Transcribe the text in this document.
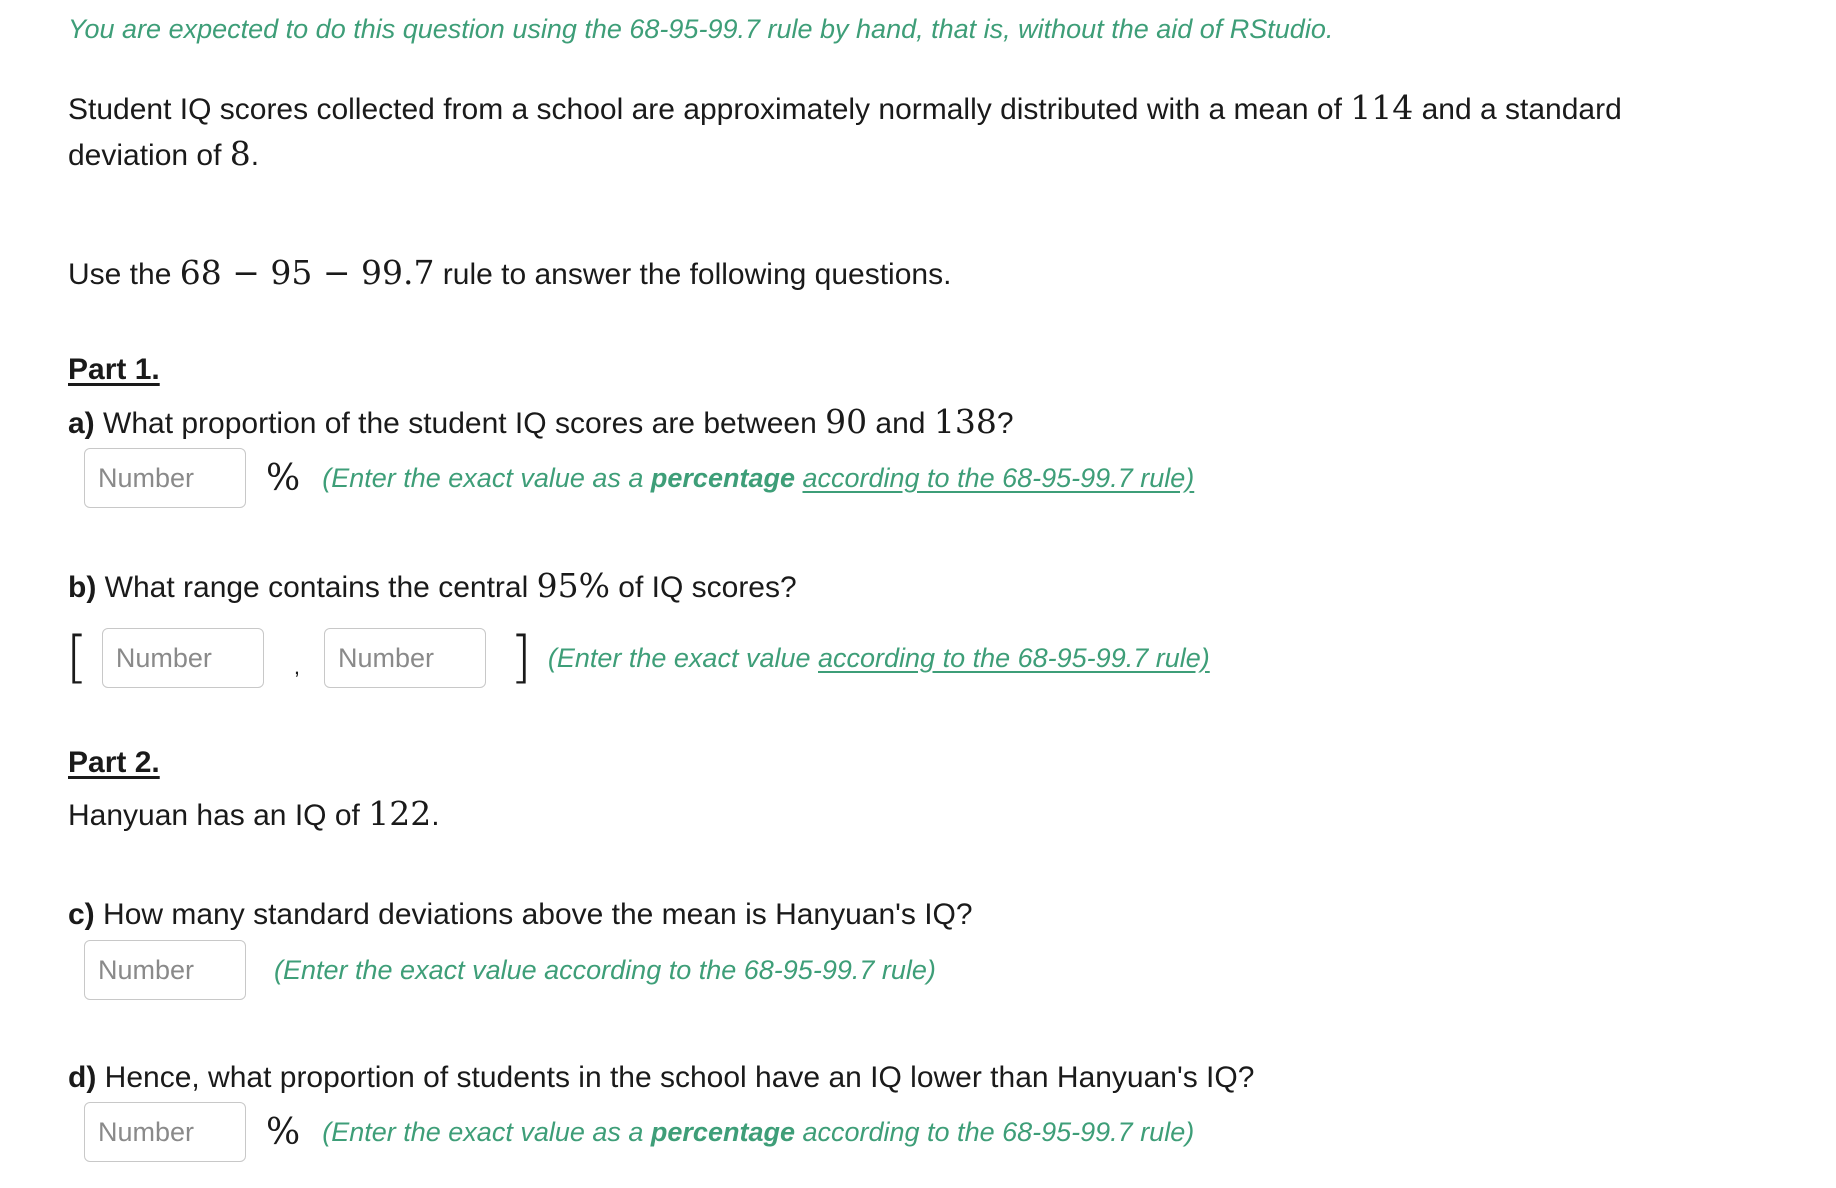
You are expected to do this question using the 68-95-99.7 rule by hand, that is, without the aid of RStudio.
Student IQ scores collected from a school are approximately normally distributed with a mean of 114 and a standard
deviation of 8.
Use the 68 − 95 − 99.7 rule to answer the following questions.
Part 1.
a) What proportion of the student IQ scores are between 90 and 138?
Number
% (Enter the exact value as a percentage according to the 68-95-99.7 rule)
b) What range contains the central 95% of IQ scores?
[
Number	,
Number	] (Enter the exact value according to the 68-95-99.7 rule)
Part 2.
Hanyuan has an IQ of 122.
c) How many standard deviations above the mean is Hanyuan's IQ?
Number
(Enter the exact value according to the 68-95-99.7 rule)
d) Hence, what proportion of students in the school have an IQ lower than Hanyuan's IQ?
Number
% (Enter the exact value as a percentage according to the 68-95-99.7 rule)
